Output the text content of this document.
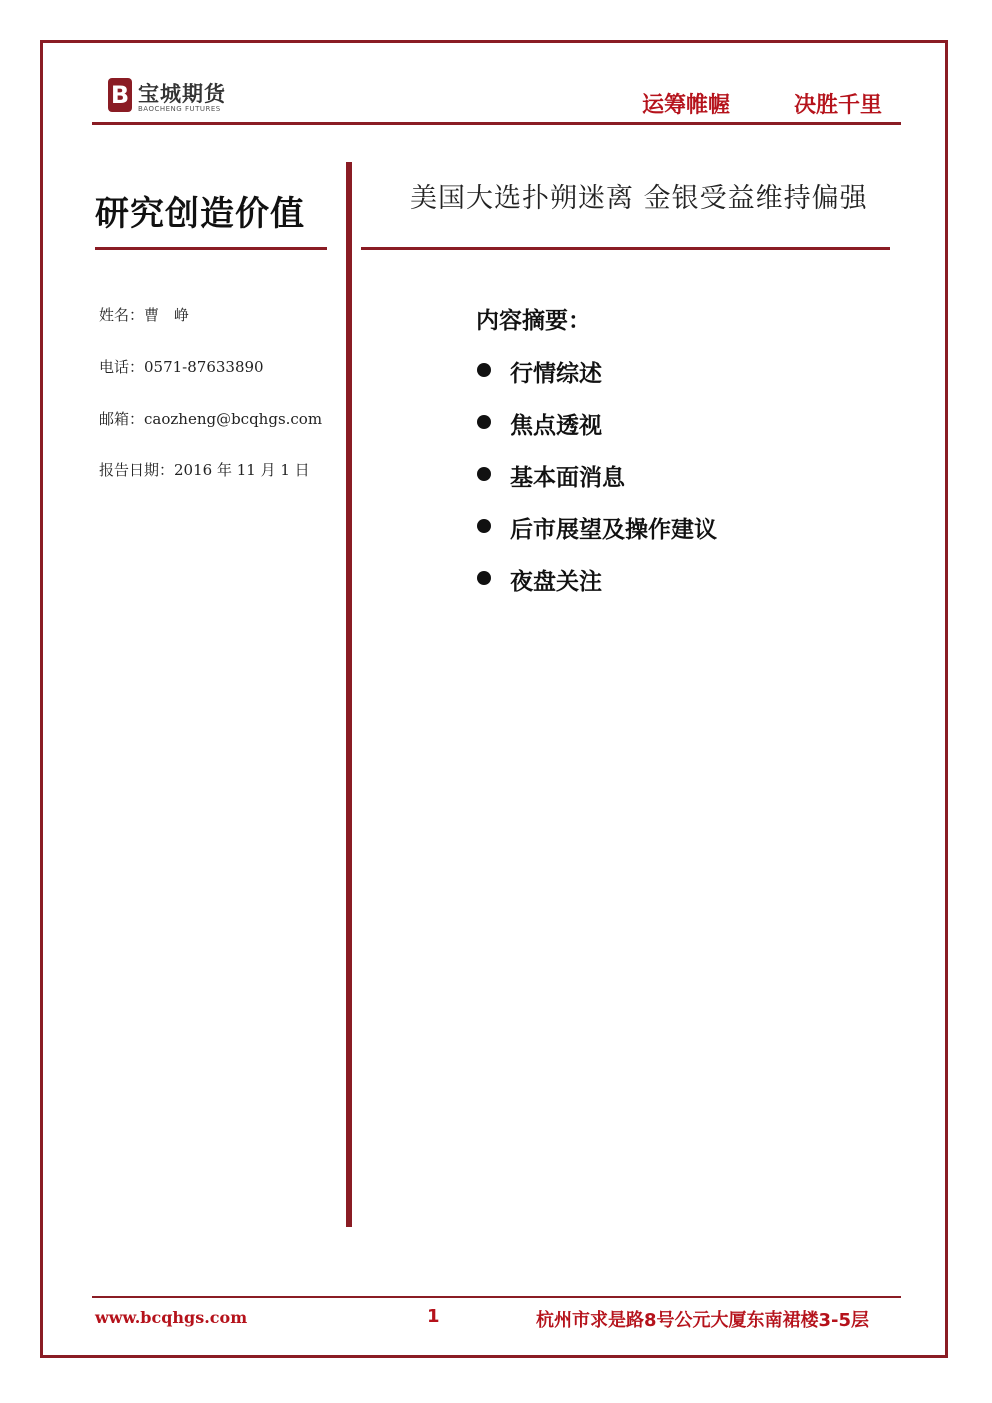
B 宝城期货
BAOCHENG FUTURES	运筹帷幄	决胜千里
研究创造价值
姓名：曹　峥
电话：0571-87633890
邮箱：caozheng@bcqhgs.com
报告日期：2016 年 11 月 1 日
美国大选扑朔迷离 金银受益维持偏强
内容摘要：
行情综述
焦点透视
基本面消息
后市展望及操作建议
夜盘关注
www.bcqhgs.com	1	杭州市求是路8号公元大厦东南裙楼3-5层
